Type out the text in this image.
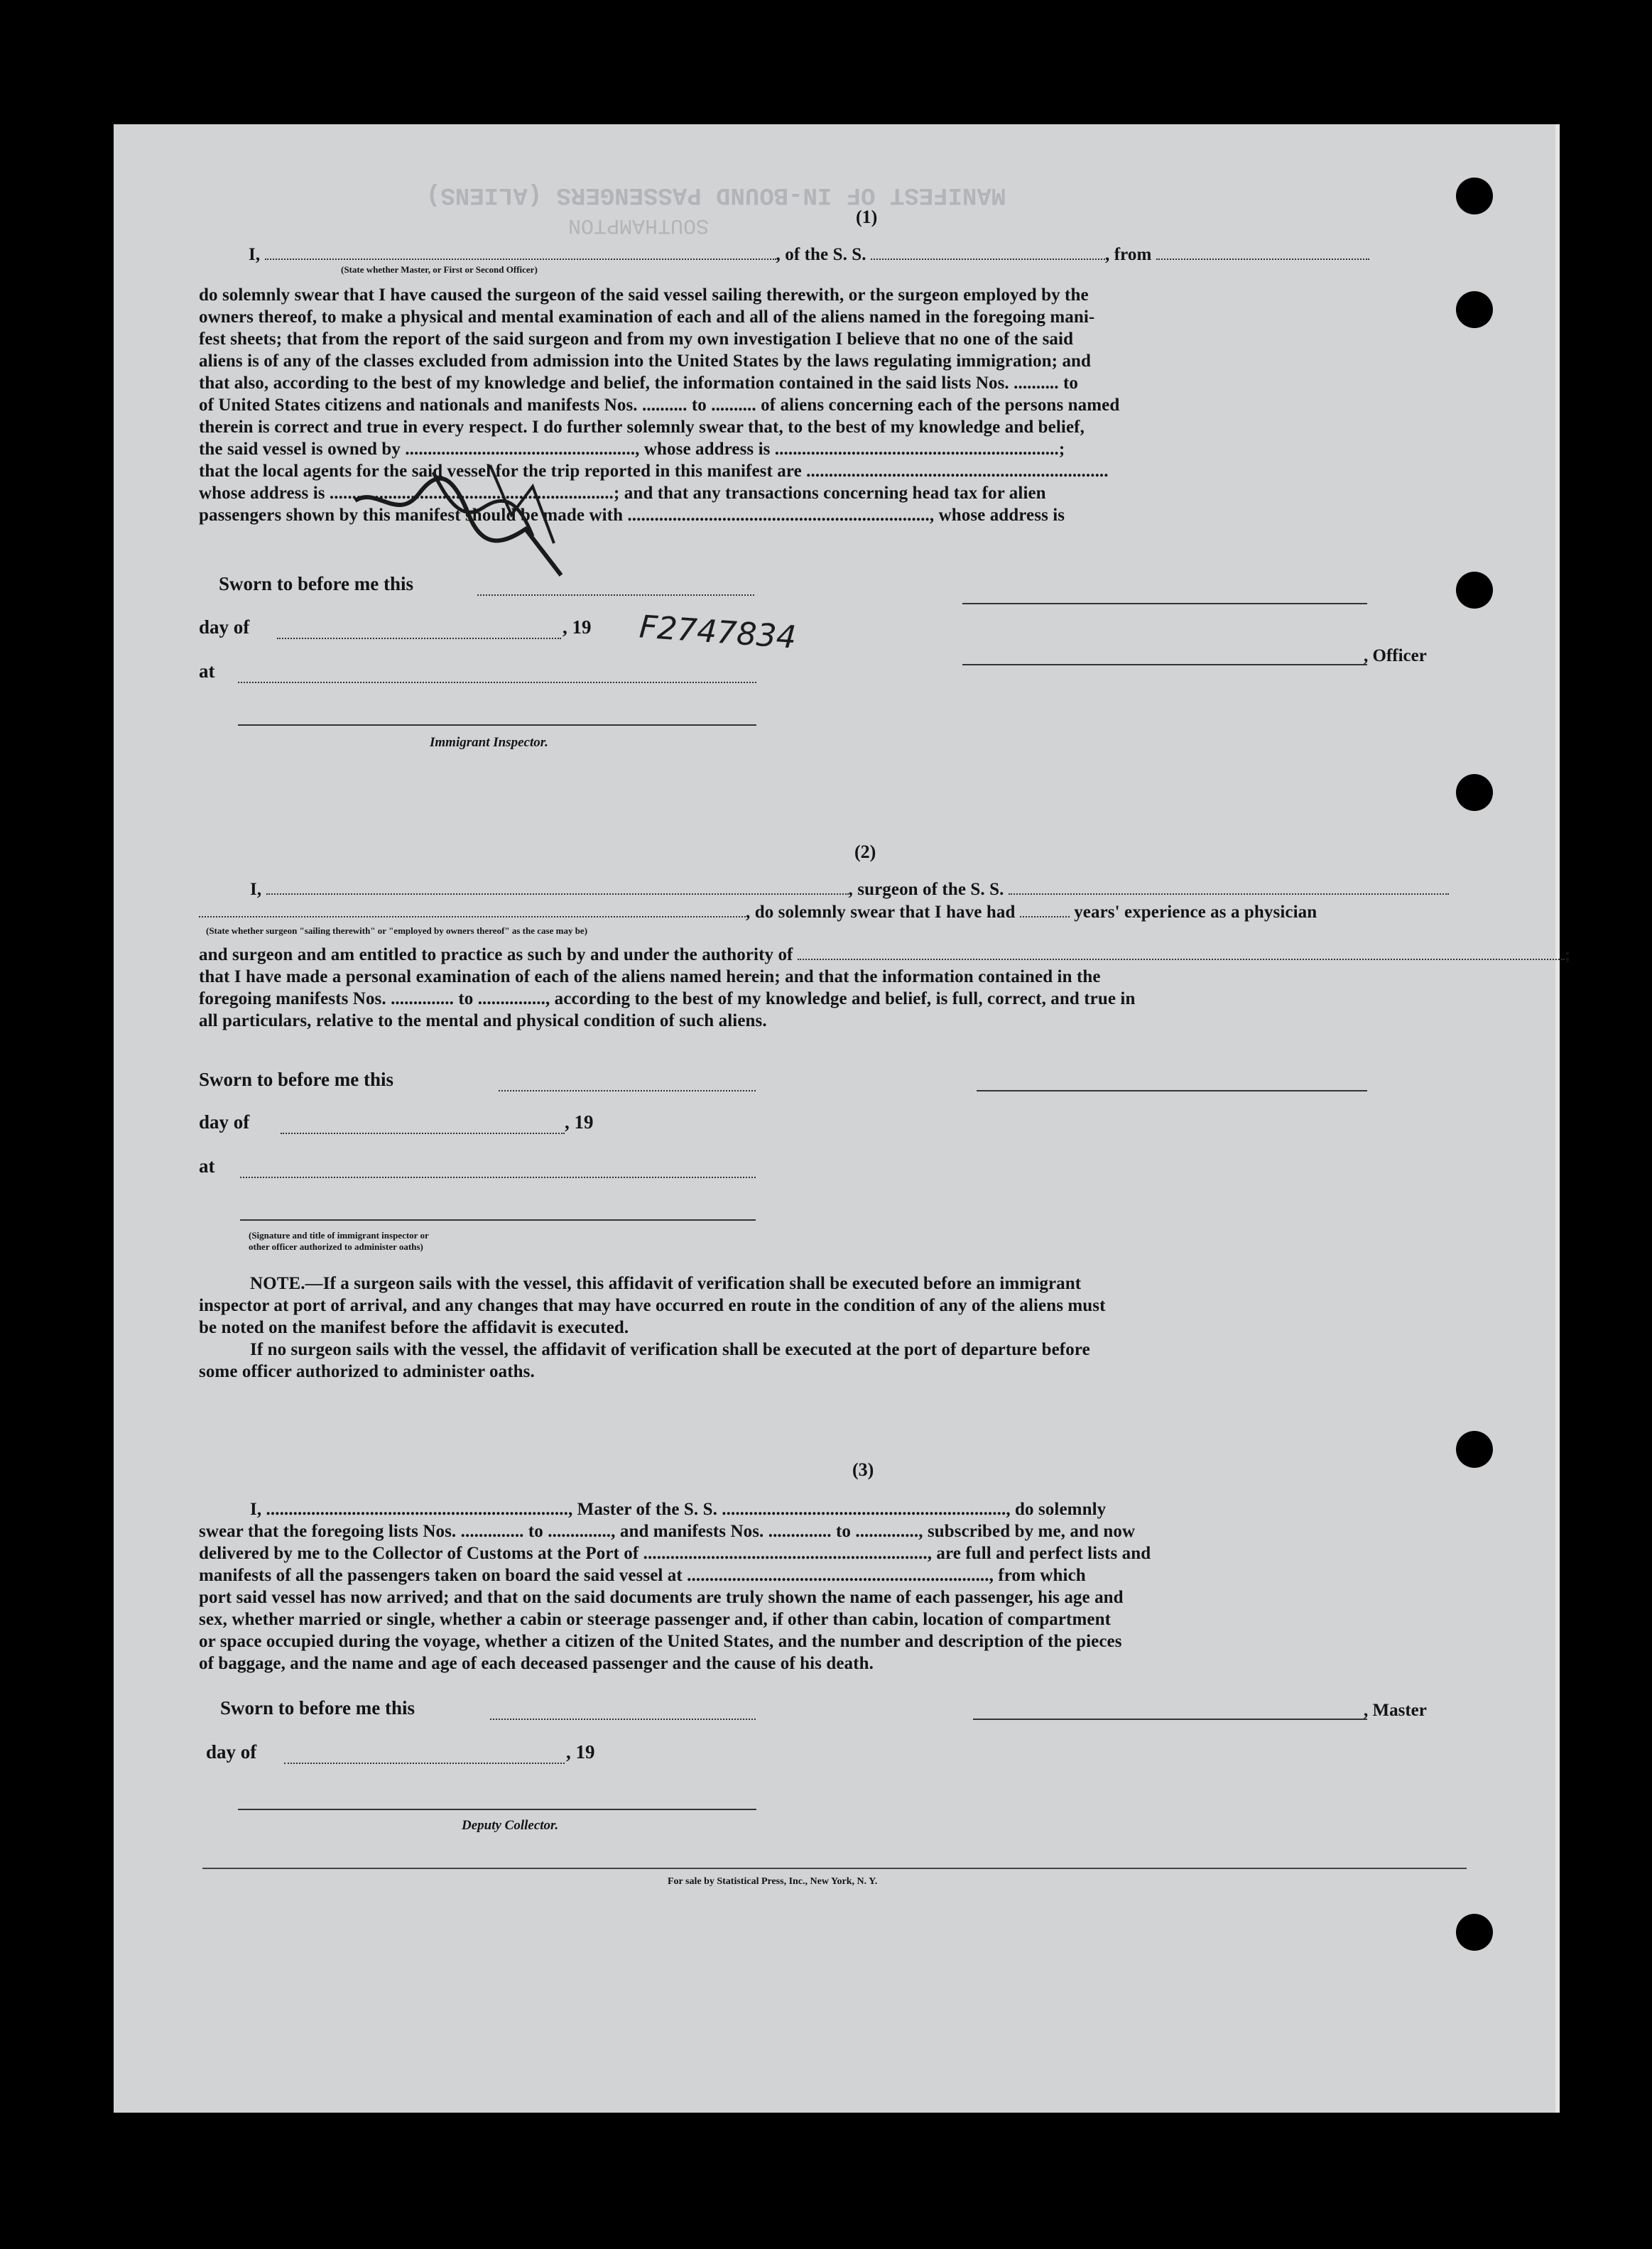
MANIFEST OF IN-BOUND PASSENGERS (ALIENS)
SOUTHAMPTON	(1)
I,	, of the S. S.	, from
(State whether Master, or First or Second Officer)
do solemnly swear that I have caused the surgeon of the said vessel sailing therewith, or the surgeon employed by the
owners thereof, to make a physical and mental examination of each and all of the aliens named in the foregoing mani-
fest sheets; that from the report of the said surgeon and from my own investigation I believe that no one of the said
aliens is of any of the classes excluded from admission into the United States by the laws regulating immigration; and
that also, according to the best of my knowledge and belief, the information contained in the said lists Nos. .......... to
of United States citizens and nationals and manifests Nos. .......... to .......... of aliens concerning each of the persons named
therein is correct and true in every respect. I do further solemnly swear that, to the best of my knowledge and belief,
the said vessel is owned by ..................................................., whose address is ...............................................................;
that the local agents for the said vessel for the trip reported in this manifest are ...................................................................
whose address is ...............................................................; and that any transactions concerning head tax for alien
passengers shown by this manifest should be made with ..................................................................., whose address is
F2747834
Sworn to before me this
day of	, 19
at
Immigrant Inspector.
, Officer
(2)
I,	, surgeon of the S. S.
, do solemnly swear that I have had	years' experience as a physician
(State whether surgeon "sailing therewith" or "employed by owners thereof" as the case may be)
and surgeon and am entitled to practice as such by and under the authority of	;
that I have made a personal examination of each of the aliens named herein; and that the information contained in the
foregoing manifests Nos. .............. to ..............., according to the best of my knowledge and belief, is full, correct, and true in
all particulars, relative to the mental and physical condition of such aliens.
Sworn to before me this
day of	, 19
at
(Signature and title of immigrant inspector or
other officer authorized to administer oaths)
NOTE.—If a surgeon sails with the vessel, this affidavit of verification shall be executed before an immigrant
inspector at port of arrival, and any changes that may have occurred en route in the condition of any of the aliens must
be noted on the manifest before the affidavit is executed.
If no surgeon sails with the vessel, the affidavit of verification shall be executed at the port of departure before
some officer authorized to administer oaths.
(3)
I, ..................................................................., Master of the S. S. ..............................................................., do solemnly
swear that the foregoing lists Nos. .............. to .............., and manifests Nos. .............. to .............., subscribed by me, and now
delivered by me to the Collector of Customs at the Port of ..............................................................., are full and perfect lists and
manifests of all the passengers taken on board the said vessel at ..................................................................., from which
port said vessel has now arrived; and that on the said documents are truly shown the name of each passenger, his age and
sex, whether married or single, whether a cabin or steerage passenger and, if other than cabin, location of compartment
or space occupied during the voyage, whether a citizen of the United States, and the number and description of the pieces
of baggage, and the name and age of each deceased passenger and the cause of his death.
Sworn to before me this	, Master
day of	, 19
Deputy Collector.
For sale by Statistical Press, Inc., New York, N. Y.
